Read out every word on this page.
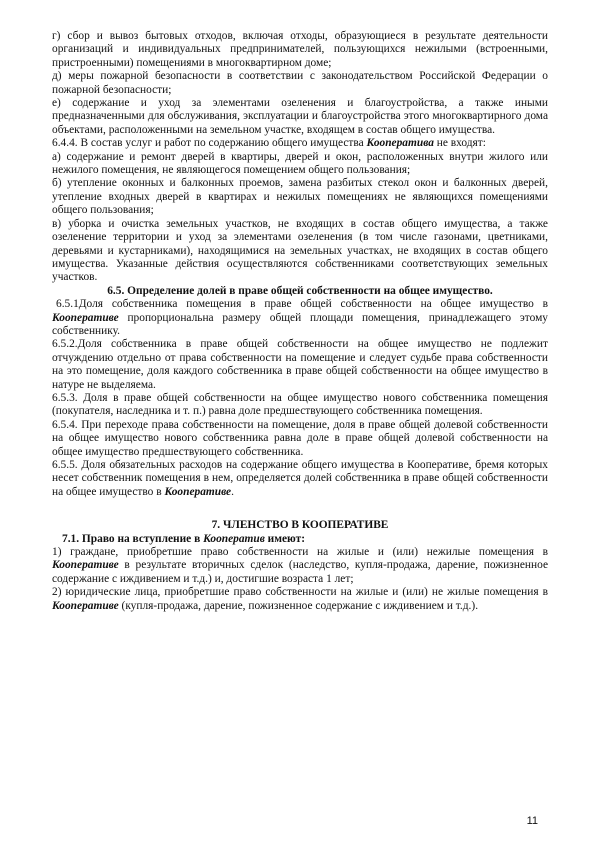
г) сбор и вывоз бытовых отходов, включая отходы, образующиеся в результате деятельности организаций и индивидуальных предпринимателей, пользующихся нежилыми (встроенными, пристроенными) помещениями в многоквартирном доме;

д) меры пожарной безопасности в соответствии с законодательством Российской Федерации о пожарной безопасности;

е) содержание и уход за элементами озеленения и благоустройства, а также иными предназначенными для обслуживания, эксплуатации и благоустройства этого многоквартирного дома объектами, расположенными на земельном участке, входящем в состав общего имущества.

6.4.4. В состав услуг и работ по содержанию общего имущества Кооператива не входят:

а) содержание и ремонт дверей в квартиры, дверей и окон, расположенных внутри жилого или нежилого помещения, не являющегося помещением общего пользования;

б) утепление оконных и балконных проемов, замена разбитых стекол окон и балконных дверей, утепление входных дверей в квартирах и нежилых помещениях не являющихся помещениями общего пользования;

в) уборка и очистка земельных участков, не входящих в состав общего имущества, а также озеленение территории и уход за элементами озеленения (в том числе газонами, цветниками, деревьями и кустарниками), находящимися на земельных участках, не входящих в состав общего имущества. Указанные действия осуществляются собственниками соответствующих земельных участков.

6.5. Определение долей в праве общей собственности на общее имущество.

6.5.1Доля собственника помещения в праве общей собственности на общее имущество в Кооперативе пропорциональна размеру общей площади помещения, принадлежащего этому собственнику.

6.5.2.Доля собственника в праве общей собственности на общее имущество не подлежит отчуждению отдельно от права собственности на помещение и следует судьбе права собственности на это помещение, доля каждого собственника в праве общей собственности на общее имущество в натуре не выделяема.

6.5.3. Доля в праве общей собственности на общее имущество нового собственника помещения (покупателя, наследника и т. п.) равна доле предшествующего собственника помещения.

6.5.4. При переходе права собственности на помещение, доля в праве общей долевой собственности на общее имущество нового собственника равна доле в праве общей долевой собственности на общее имущество предшествующего собственника.

6.5.5. Доля обязательных расходов на содержание общего имущества в Кооперативе, бремя которых несет собственник помещения в нем, определяется долей собственника в праве общей собственности на общее имущество в Кооперативе.

7. ЧЛЕНСТВО В КООПЕРАТИВЕ

7.1. Право на вступление в Кооператив имеют:

1) граждане, приобретшие право собственности на жилые и (или) нежилые помещения в Кооперативе в результате вторичных сделок (наследство, купля-продажа, дарение, пожизненное содержание с иждивением и т.д.) и, достигшие возраста 1 лет;

2) юридические лица, приобретшие право собственности на жилые и (или) не жилые помещения в Кооперативе (купля-продажа, дарение, пожизненное содержание с иждивением и т.д.).

11
